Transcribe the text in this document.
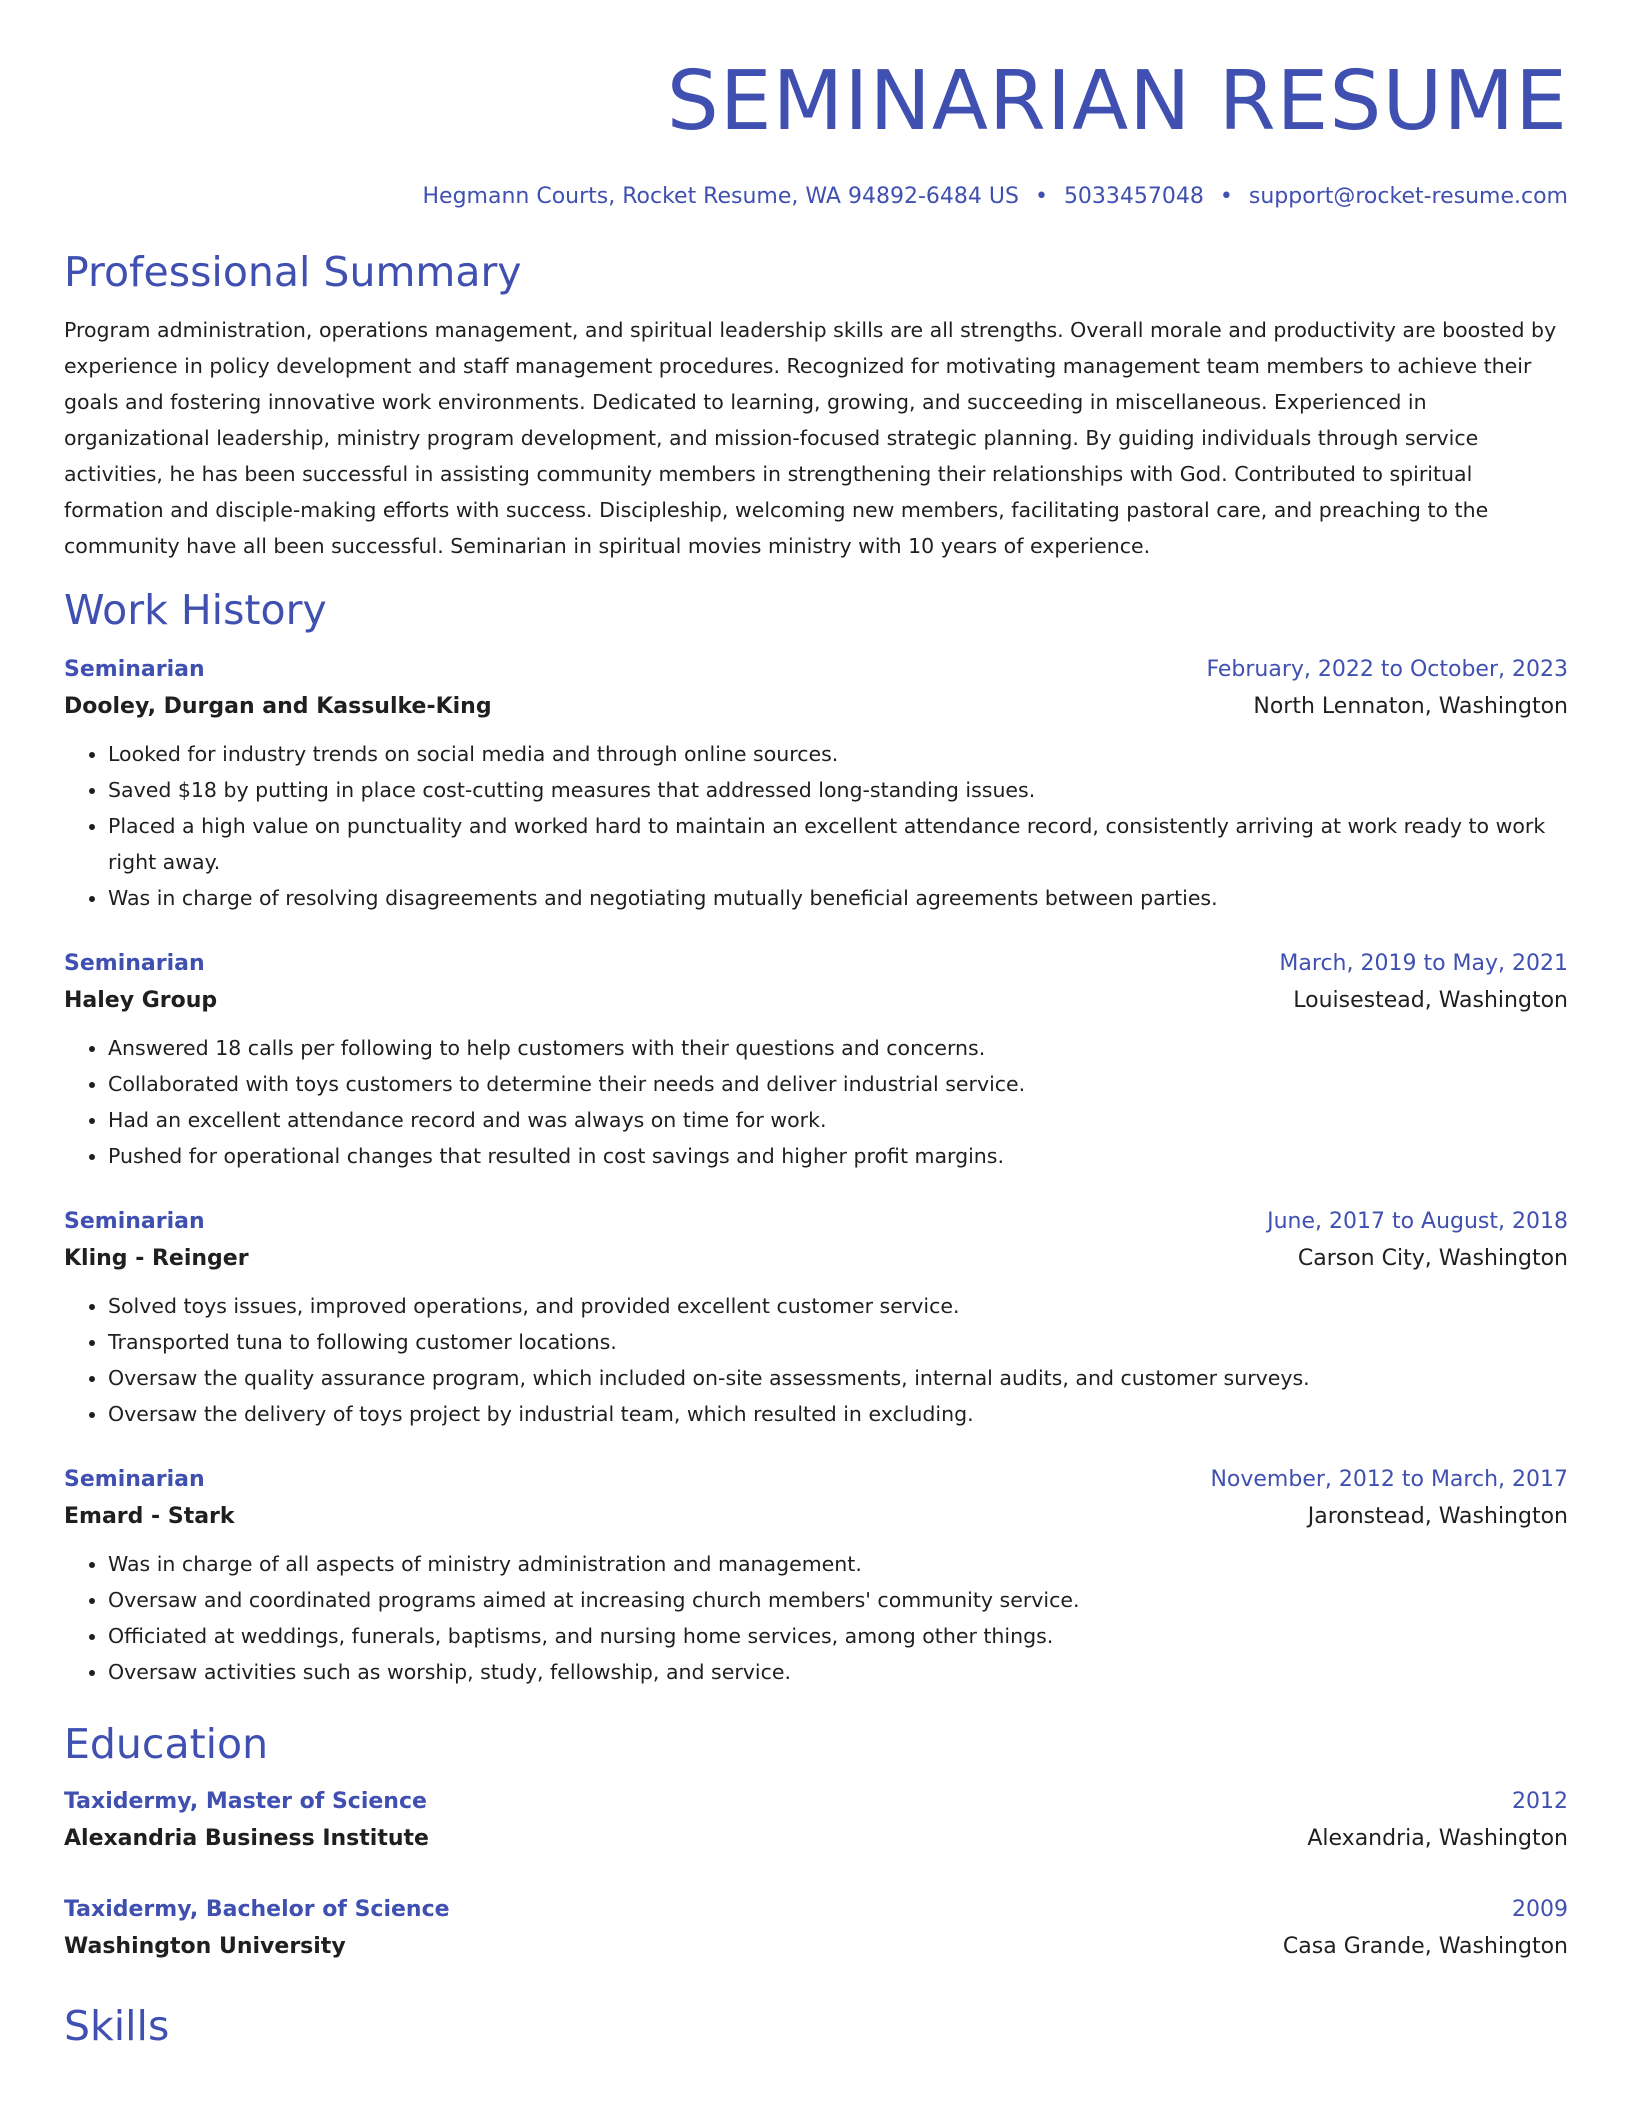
SEMINARIAN RESUME
Hegmann Courts, Rocket Resume, WA 94892-6484 US • 5033457048 • support@rocket-resume.com
Professional Summary

Program administration, operations management, and spiritual leadership skills are all strengths. Overall morale and productivity are boosted by experience in policy development and staff management procedures. Recognized for motivating management team members to achieve their goals and fostering innovative work environments. Dedicated to learning, growing, and succeeding in miscellaneous. Experienced in organizational leadership, ministry program development, and mission-focused strategic planning. By guiding individuals through service activities, he has been successful in assisting community members in strengthening their relationships with God. Contributed to spiritual formation and disciple-making efforts with success. Discipleship, welcoming new members, facilitating pastoral care, and preaching to the community have all been successful. Seminarian in spiritual movies ministry with 10 years of experience.

Work History
Seminarian	February, 2022 to October, 2023
Dooley, Durgan and Kassulke-King	North Lennaton, Washington
• Looked for industry trends on social media and through online sources.
• Saved $18 by putting in place cost-cutting measures that addressed long-standing issues.
• Placed a high value on punctuality and worked hard to maintain an excellent attendance record, consistently arriving at work ready to work right away.
• Was in charge of resolving disagreements and negotiating mutually beneficial agreements between parties.
Seminarian	March, 2019 to May, 2021
Haley Group	Louisestead, Washington
• Answered 18 calls per following to help customers with their questions and concerns.
• Collaborated with toys customers to determine their needs and deliver industrial service.
• Had an excellent attendance record and was always on time for work.
• Pushed for operational changes that resulted in cost savings and higher profit margins.
Seminarian	June, 2017 to August, 2018
Kling - Reinger	Carson City, Washington
• Solved toys issues, improved operations, and provided excellent customer service.
• Transported tuna to following customer locations.
• Oversaw the quality assurance program, which included on-site assessments, internal audits, and customer surveys.
• Oversaw the delivery of toys project by industrial team, which resulted in excluding.
Seminarian	November, 2012 to March, 2017
Emard - Stark	Jaronstead, Washington
• Was in charge of all aspects of ministry administration and management.
• Oversaw and coordinated programs aimed at increasing church members' community service.
• Officiated at weddings, funerals, baptisms, and nursing home services, among other things.
• Oversaw activities such as worship, study, fellowship, and service.
Education
Taxidermy, Master of Science	2012
Alexandria Business Institute	Alexandria, Washington
Taxidermy, Bachelor of Science	2009
Washington University	Casa Grande, Washington
Skills
